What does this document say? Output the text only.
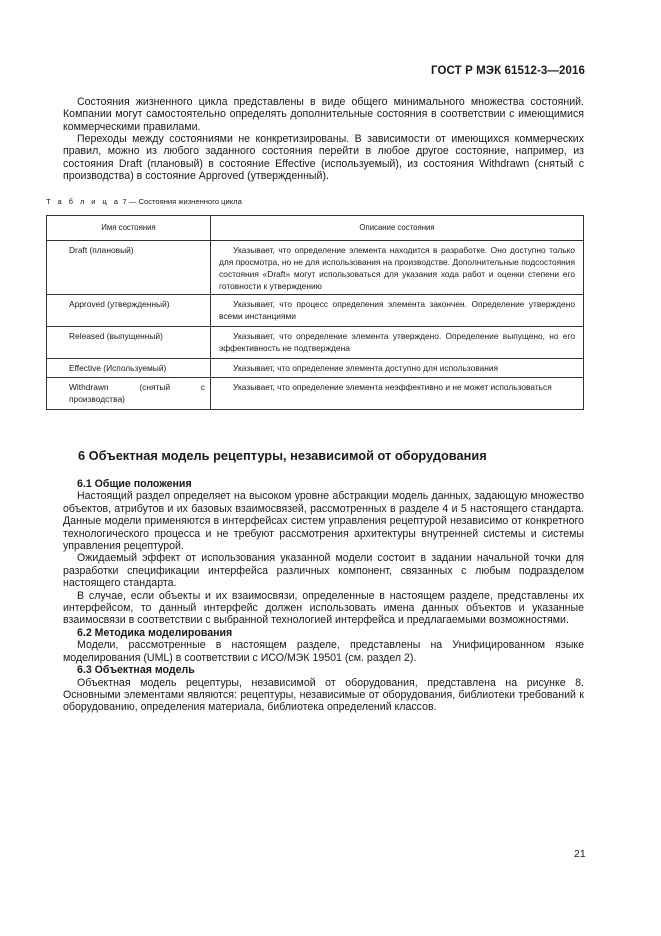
ГОСТ Р МЭК 61512-3—2016

Состояния жизненного цикла представлены в виде общего минимального множества состояний. Компании могут самостоятельно определять дополнительные состояния в соответствии с имеющимися коммерческими правилами.

Переходы между состояниями не конкретизированы. В зависимости от имеющихся коммерческих правил, можно из любого заданного состояния перейти в любое другое состояние, например, из состояния Draft (плановый) в состояние Effective (используемый), из состояния Withdrawn (снятый с производства) в состояние Approved (утвержденный).

Т а б л и ц а 7 — Состояния жизненного цикла
Имя состояния	Описание состояния

Draft (плановый)	Указывает, что определение элемента находится в разработке. Оно доступно только для просмотра, но не для использования на производстве. Дополнительные подсостояния состояния «Draft» могут использоваться для указания хода работ и оценки степени его готовности к утверждению

Approved (утвержденный)	Указывает, что процесс определения элемента закончен. Определение утверждено всеми инстанциями

Released (выпущенный)	Указывает, что определение элемента утверждено. Определение выпущено, но его эффективность не подтверждена

Effective (Используемый)	Указывает, что определение элемента доступно для использования

Withdrawn (снятый с производства)	Указывает, что определение элемента неэффективно и не может использоваться
6 Объектная модель рецептуры, независимой от оборудования

6.1 Общие положения

Настоящий раздел определяет на высоком уровне абстракции модель данных, задающую множество объектов, атрибутов и их базовых взаимосвязей, рассмотренных в разделе 4 и 5 настоящего стандарта. Данные модели применяются в интерфейсах систем управления рецептурой независимо от конкретного технологического процесса и не требуют рассмотрения архитектуры внутренней системы и системы управления рецептурой.

Ожидаемый эффект от использования указанной модели состоит в задании начальной точки для разработки спецификации интерфейса различных компонент, связанных с любым подразделом настоящего стандарта.

В случае, если объекты и их взаимосвязи, определенные в настоящем разделе, представлены их интерфейсом, то данный интерфейс должен использовать имена данных объектов и указанные взаимосвязи в соответствии с выбранной технологией интерфейса и предлагаемыми возможностями.

6.2 Методика моделирования

Модели, рассмотренные в настоящем разделе, представлены на Унифицированном языке моделирования (UML) в соответствии с ИСО/МЭК 19501 (см. раздел 2).

6.3 Объектная модель

Объектная модель рецептуры, независимой от оборудования, представлена на рисунке 8. Основными элементами являются: рецептуры, независимые от оборудования, библиотеки требований к оборудованию, определения материала, библиотека определений классов.

21
